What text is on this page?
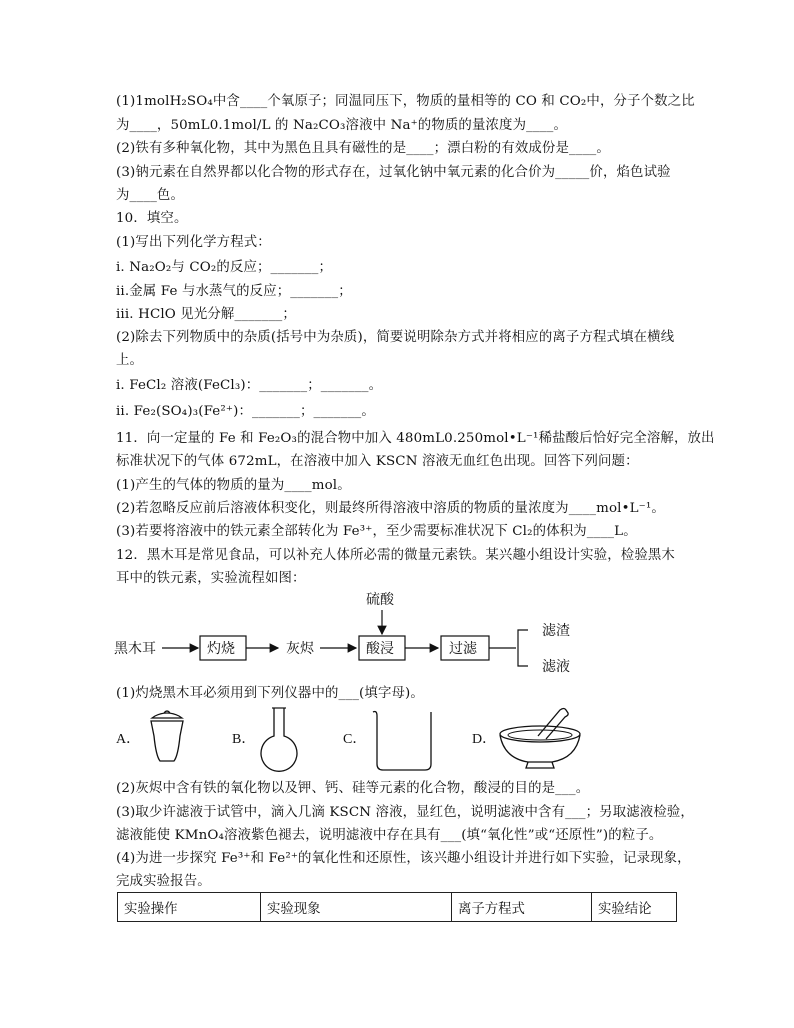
(1)1molH₂SO₄中含____个氧原子；同温同压下，物质的量相等的 CO 和 CO₂中，分子个数之比
为____，50mL0.1mol/L 的 Na₂CO₃溶液中 Na⁺的物质的量浓度为____。
(2)铁有多种氧化物，其中为黑色且具有磁性的是____；漂白粉的有效成份是____。
(3)钠元素在自然界都以化合物的形式存在，过氧化钠中氧元素的化合价为_____价，焰色试验
为____色。
10．填空。
(1)写出下列化学方程式：
i. Na₂O₂与 CO₂的反应；_______；
ii.金属 Fe 与水蒸气的反应；_______；
iii. HClO 见光分解_______；
(2)除去下列物质中的杂质(括号中为杂质)，简要说明除杂方式并将相应的离子方程式填在横线
上。
i. FeCl₂ 溶液(FeCl₃)：_______；_______。
ii. Fe₂(SO₄)₃(Fe²⁺)：_______；_______。
11．向一定量的 Fe 和 Fe₂O₃的混合物中加入 480mL0.250mol•L⁻¹稀盐酸后恰好完全溶解，放出
标准状况下的气体 672mL，在溶液中加入 KSCN 溶液无血红色出现。回答下列问题：
(1)产生的气体的物质的量为____mol。
(2)若忽略反应前后溶液体积变化，则最终所得溶液中溶质的物质的量浓度为____mol•L⁻¹。
(3)若要将溶液中的铁元素全部转化为 Fe³⁺，至少需要标准状况下 Cl₂的体积为____L。
12．黑木耳是常见食品，可以补充人体所必需的微量元素铁。某兴趣小组设计实验，检验黑木
耳中的铁元素，实验流程如图：
黑木耳	灼烧	灰烬
硫酸
酸浸	过滤
滤渣
滤液
(1)灼烧黑木耳必须用到下列仪器中的___(填字母)。
A．	B．	C．	D．
(2)灰烬中含有铁的氧化物以及钾、钙、硅等元素的化合物，酸浸的目的是___。
(3)取少许滤液于试管中，滴入几滴 KSCN 溶液，显红色，说明滤液中含有___；另取滤液检验，
滤液能使 KMnO₄溶液紫色褪去，说明滤液中存在具有___(填“氧化性”或“还原性”)的粒子。
(4)为进一步探究 Fe³⁺和 Fe²⁺的氧化性和还原性，该兴趣小组设计并进行如下实验，记录现象，
完成实验报告。
实验操作	实验现象	离子方程式	实验结论
